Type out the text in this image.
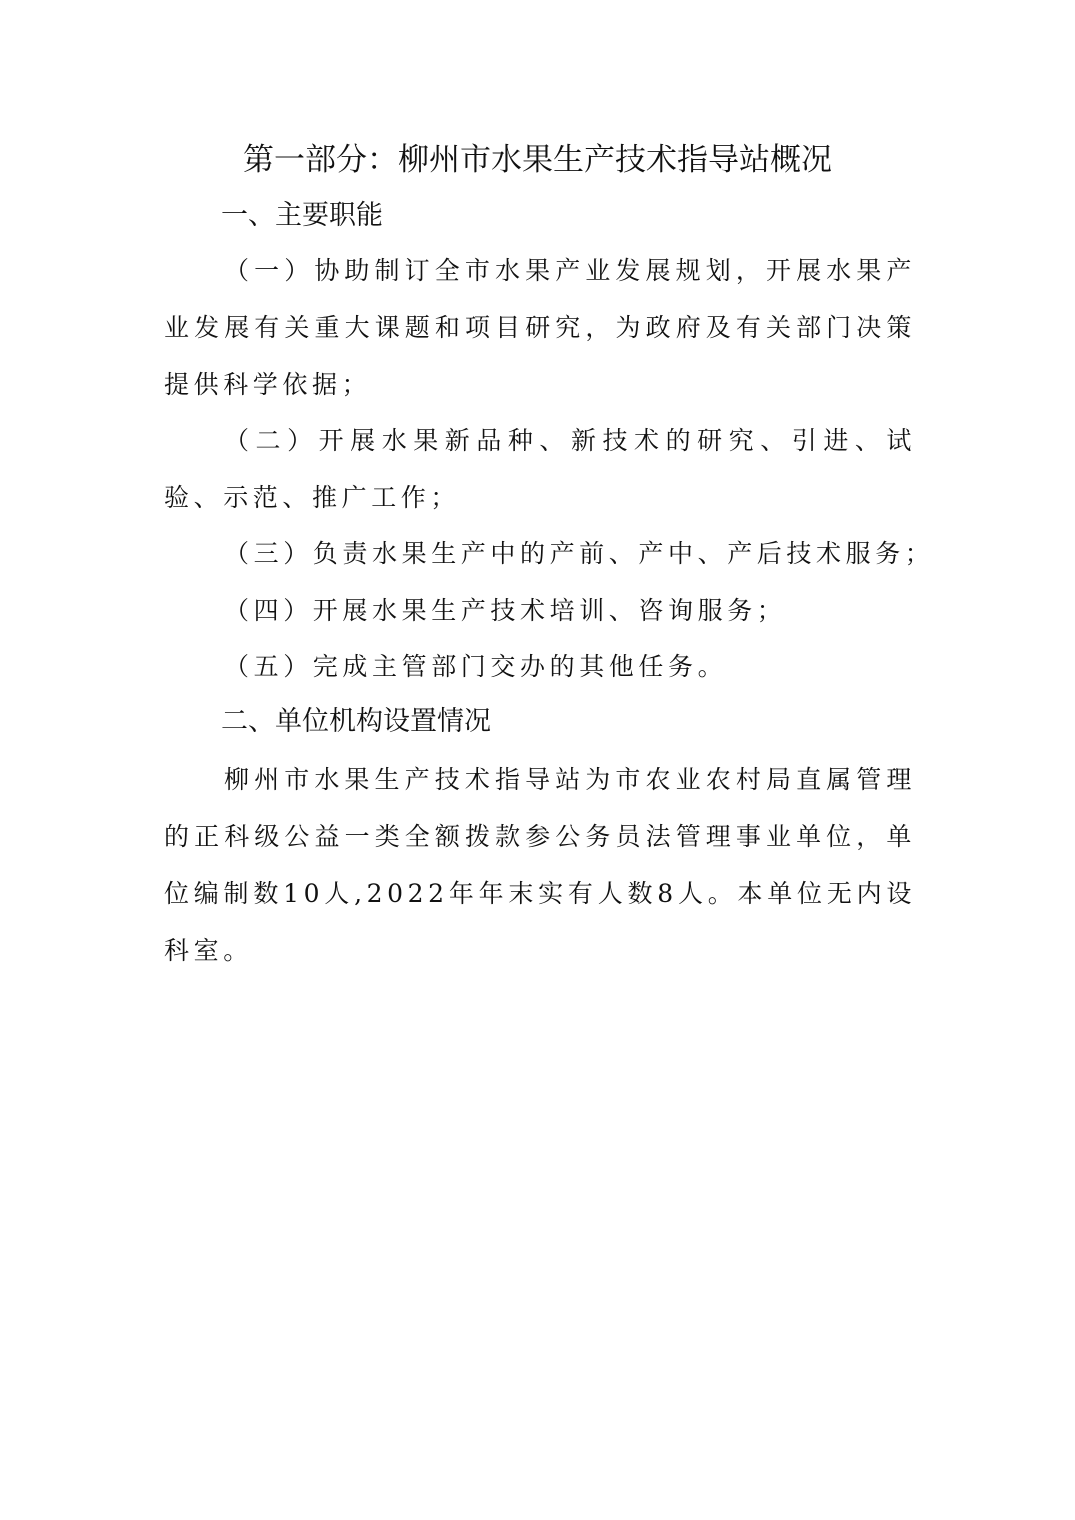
第一部分：柳州市水果生产技术指导站概况
一、主要职能
（一）协助制订全市水果产业发展规划，开展水果产业发展有关重大课题和项目研究，为政府及有关部门决策提供科学依据；
（二）开展水果新品种、新技术的研究、引进、试验、示范、推广工作；
（三）负责水果生产中的产前、产中、产后技术服务；
（四）开展水果生产技术培训、咨询服务；
（五）完成主管部门交办的其他任务。
二、单位机构设置情况
柳州市水果生产技术指导站为市农业农村局直属管理的正科级公益一类全额拨款参公务员法管理事业单位，单位编制数10人,2022年年末实有人数8人。本单位无内设科室。
